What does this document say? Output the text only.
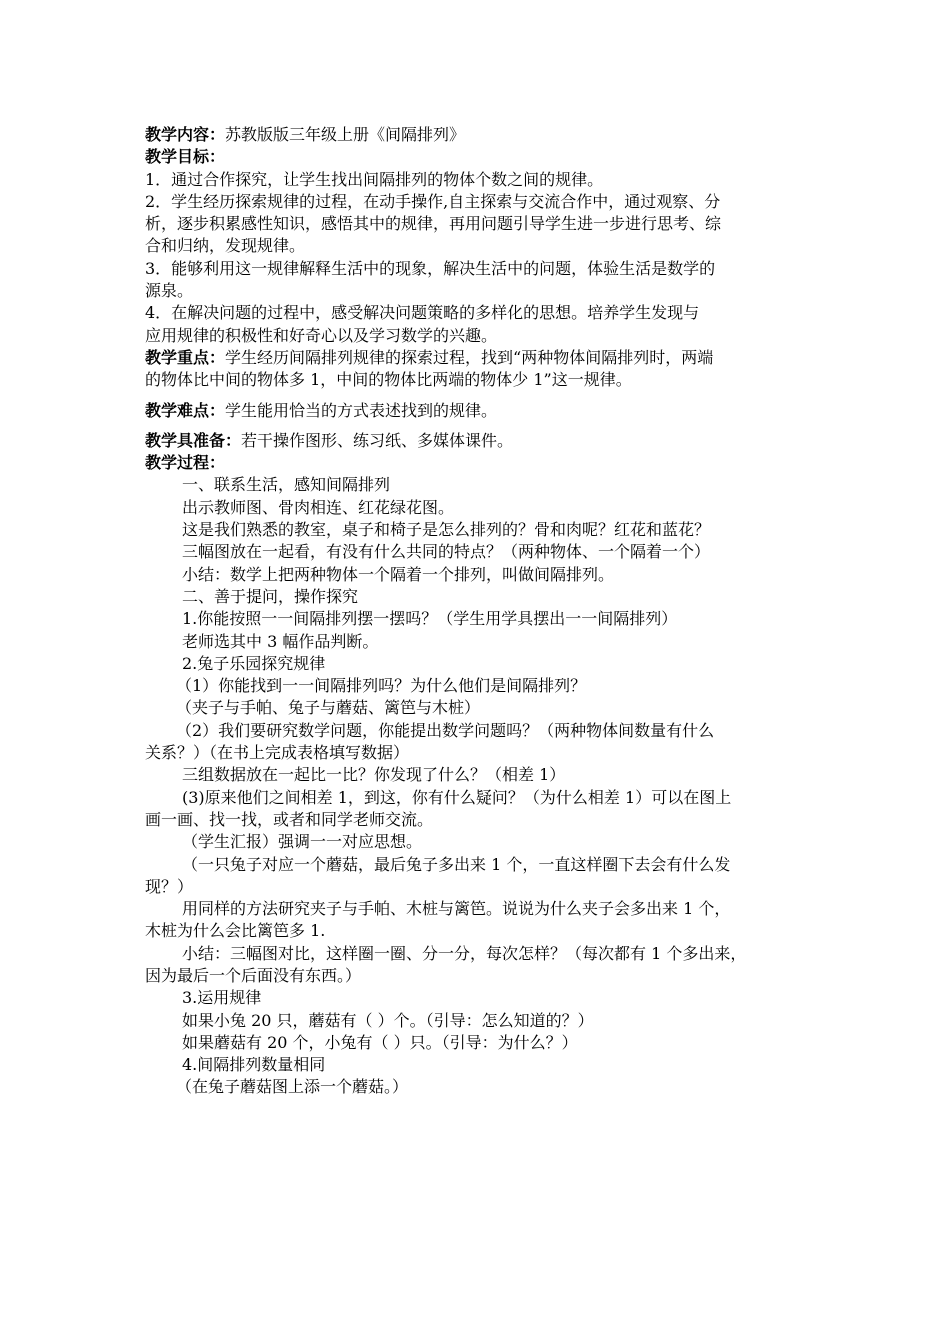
教学内容：苏教版版三年级上册《间隔排列》
教学目标：
1．通过合作探究，让学生找出间隔排列的物体个数之间的规律。
2．学生经历探索规律的过程，在动手操作,自主探索与交流合作中，通过观察、分
析，逐步积累感性知识，感悟其中的规律，再用问题引导学生进一步进行思考、综
合和归纳，发现规律。
3．能够利用这一规律解释生活中的现象，解决生活中的问题，体验生活是数学的
源泉。
4．在解决问题的过程中，感受解决问题策略的多样化的思想。培养学生发现与
应用规律的积极性和好奇心以及学习数学的兴趣。
教学重点：学生经历间隔排列规律的探索过程，找到“两种物体间隔排列时，两端
的物体比中间的物体多 1，中间的物体比两端的物体少 1”这一规律。
教学难点：学生能用恰当的方式表述找到的规律。
教学具准备：若干操作图形、练习纸、多媒体课件。
教学过程：
一、联系生活，感知间隔排列
出示教师图、骨肉相连、红花绿花图。
这是我们熟悉的教室，桌子和椅子是怎么排列的？骨和肉呢？红花和蓝花？
三幅图放在一起看，有没有什么共同的特点？（两种物体、一个隔着一个）
小结：数学上把两种物体一个隔着一个排列，叫做间隔排列。
二、善于提问，操作探究
1.你能按照一一间隔排列摆一摆吗？（学生用学具摆出一一间隔排列）
老师选其中 3 幅作品判断。
2.兔子乐园探究规律
（1）你能找到一一间隔排列吗？为什么他们是间隔排列？
（夹子与手帕、兔子与蘑菇、篱笆与木桩）
（2）我们要研究数学问题，你能提出数学问题吗？（两种物体间数量有什么
关系？）（在书上完成表格填写数据）
三组数据放在一起比一比？你发现了什么？（相差 1）
(3)原来他们之间相差 1，到这，你有什么疑问？（为什么相差 1）可以在图上
画一画、找一找，或者和同学老师交流。
（学生汇报）强调一一对应思想。
（一只兔子对应一个蘑菇，最后兔子多出来 1 个，一直这样圈下去会有什么发
现？）
用同样的方法研究夹子与手帕、木桩与篱笆。说说为什么夹子会多出来 1 个，
木桩为什么会比篱笆多 1.
小结：三幅图对比，这样圈一圈、分一分，每次怎样？（每次都有 1 个多出来，
因为最后一个后面没有东西。）
3.运用规律
如果小兔 20 只，蘑菇有（ ）个。（引导：怎么知道的？）
如果蘑菇有 20 个，小兔有（ ）只。（引导：为什么？）
4.间隔排列数量相同
（在兔子蘑菇图上添一个蘑菇。）
